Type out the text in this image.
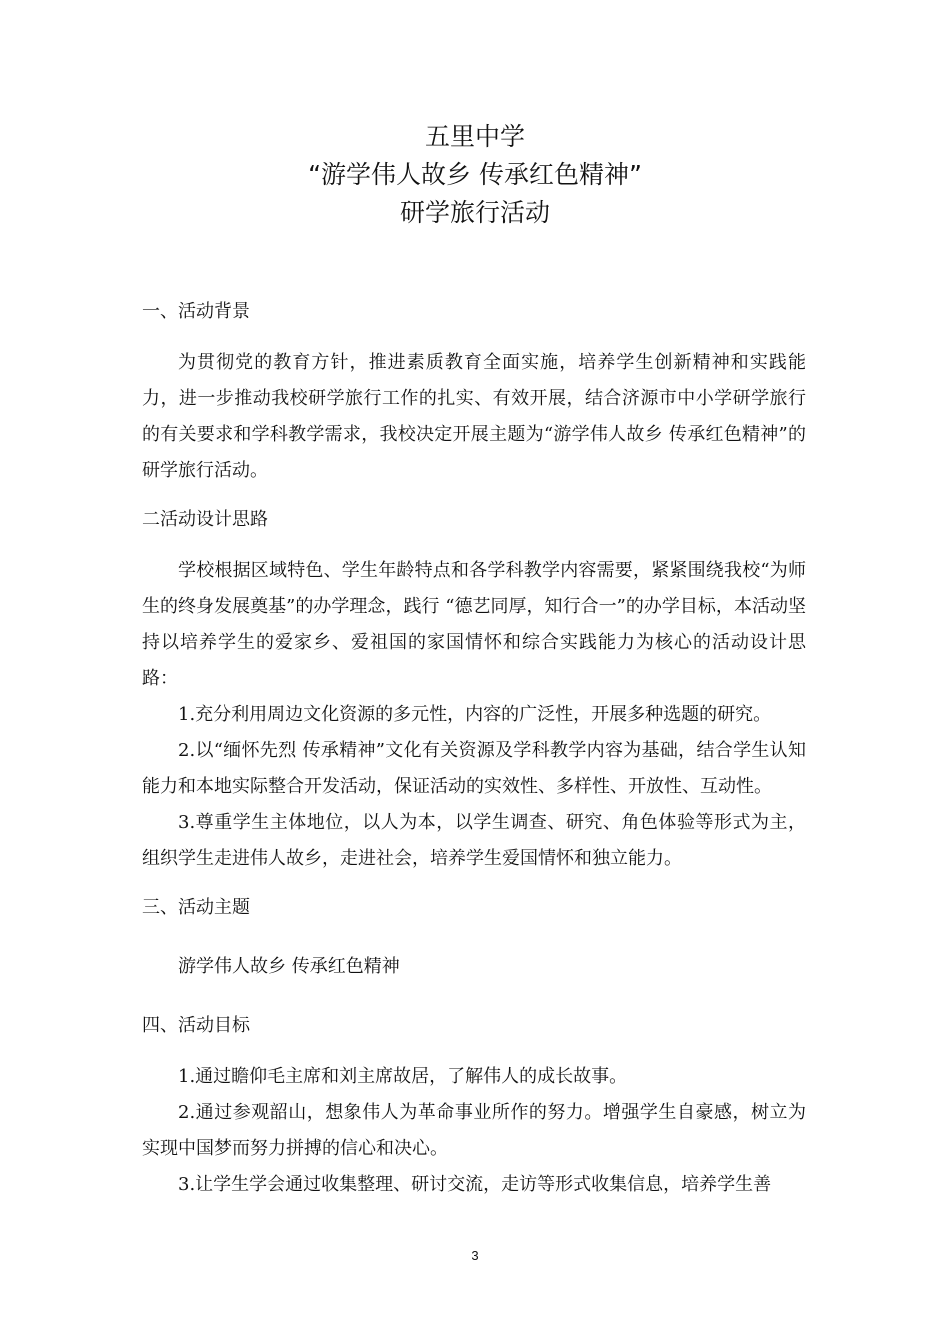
五里中学
“游学伟人故乡 传承红色精神”
研学旅行活动

一、活动背景

为贯彻党的教育方针，推进素质教育全面实施，培养学生创新精神和实践能力，进一步推动我校研学旅行工作的扎实、有效开展，结合济源市中小学研学旅行的有关要求和学科教学需求，我校决定开展主题为“游学伟人故乡 传承红色精神”的研学旅行活动。

二活动设计思路

学校根据区域特色、学生年龄特点和各学科教学内容需要，紧紧围绕我校“为师生的终身发展奠基”的办学理念，践行 “德艺同厚，知行合一”的办学目标，本活动坚持以培养学生的爱家乡、爱祖国的家国情怀和综合实践能力为核心的活动设计思路：

1.充分利用周边文化资源的多元性，内容的广泛性，开展多种选题的研究。

2.以“缅怀先烈 传承精神”文化有关资源及学科教学内容为基础，结合学生认知能力和本地实际整合开发活动，保证活动的实效性、多样性、开放性、互动性。

3.尊重学生主体地位，以人为本，以学生调查、研究、角色体验等形式为主，组织学生走进伟人故乡，走进社会，培养学生爱国情怀和独立能力。

三、活动主题

游学伟人故乡 传承红色精神

四、活动目标

1.通过瞻仰毛主席和刘主席故居，了解伟人的成长故事。

2.通过参观韶山，想象伟人为革命事业所作的努力。增强学生自豪感，树立为实现中国梦而努力拼搏的信心和决心。

3.让学生学会通过收集整理、研讨交流，走访等形式收集信息，培养学生善

3
